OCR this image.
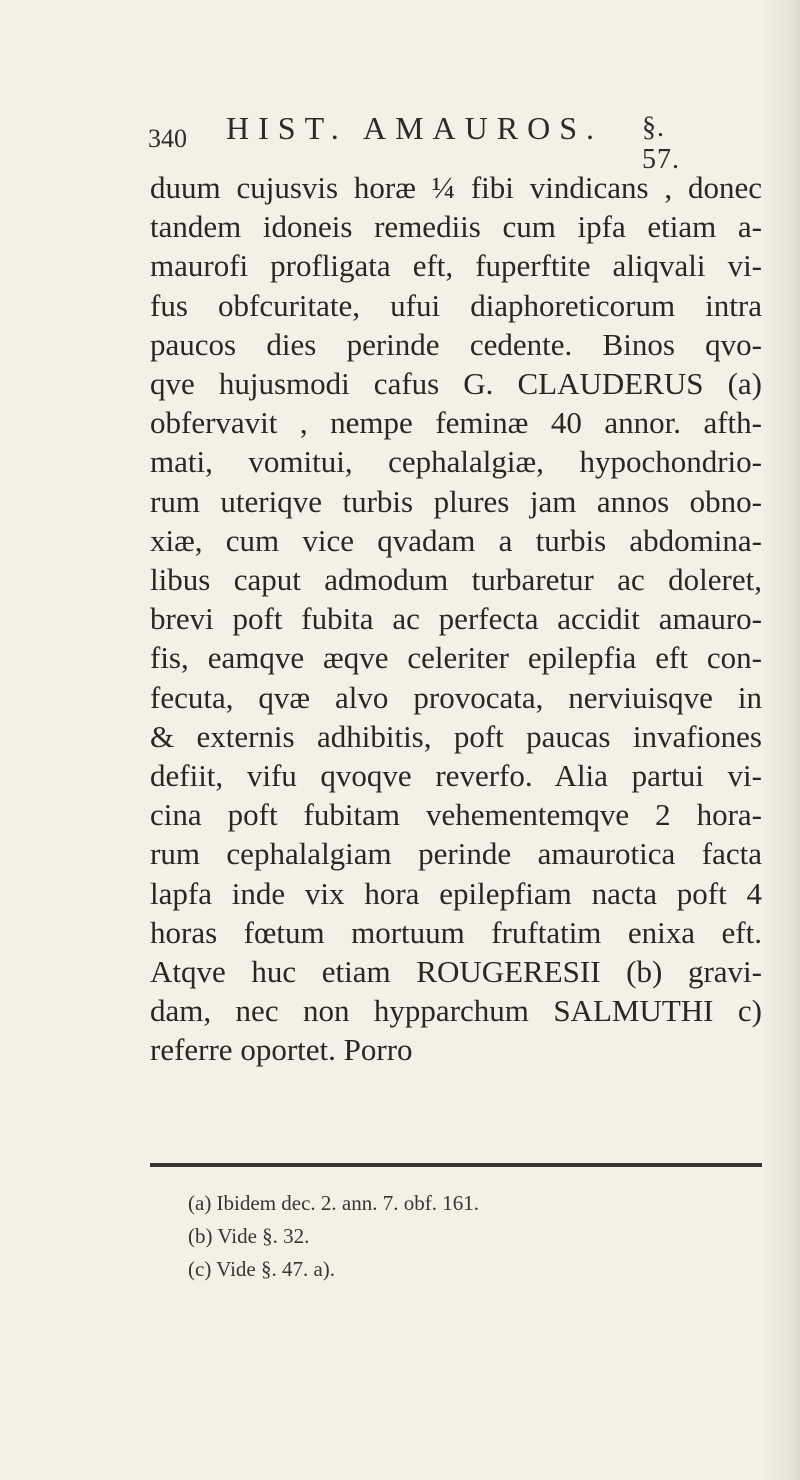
340 HIST. AMAUROS. §. 57.
duum cujusvis horæ ¼ fibi vindicans , donec
tandem idoneis remediis cum ipfa etiam a-
maurofi profligata eft, fuperftite aliqvali vi-
fus obfcuritate, ufui diaphoreticorum intra
paucos dies perinde cedente. Binos qvo-
qve hujusmodi cafus G. CLAUDERUS (a)
obfervavit , nempe feminæ 40 annor. afth-
mati, vomitui, cephalalgiæ, hypochondrio-
rum uteriqve turbis plures jam annos obno-
xiæ, cum vice qvadam a turbis abdomina-
libus caput admodum turbaretur ac doleret,
brevi poft fubita ac perfecta accidit amauro-
fis, eamqve æqve celeriter epilepfia eft con-
fecuta, qvæ alvo provocata, nerviuisqve in
& externis adhibitis, poft paucas invafiones
defiit, vifu qvoqve reverfo. Alia partui vi-
cina poft fubitam vehementemqve 2 hora-
rum cephalalgiam perinde amaurotica facta
lapfa inde vix hora epilepfiam nacta poft 4
horas fœtum mortuum fruftatim enixa eft.
Atqve huc etiam ROUGERESII (b) gravi-
dam, nec non hypparchum SALMUTHI c)
referre oportet. Porro
(a) Ibidem dec. 2. ann. 7. obf. 161.
(b) Vide §. 32.
(c) Vide §. 47. a).
